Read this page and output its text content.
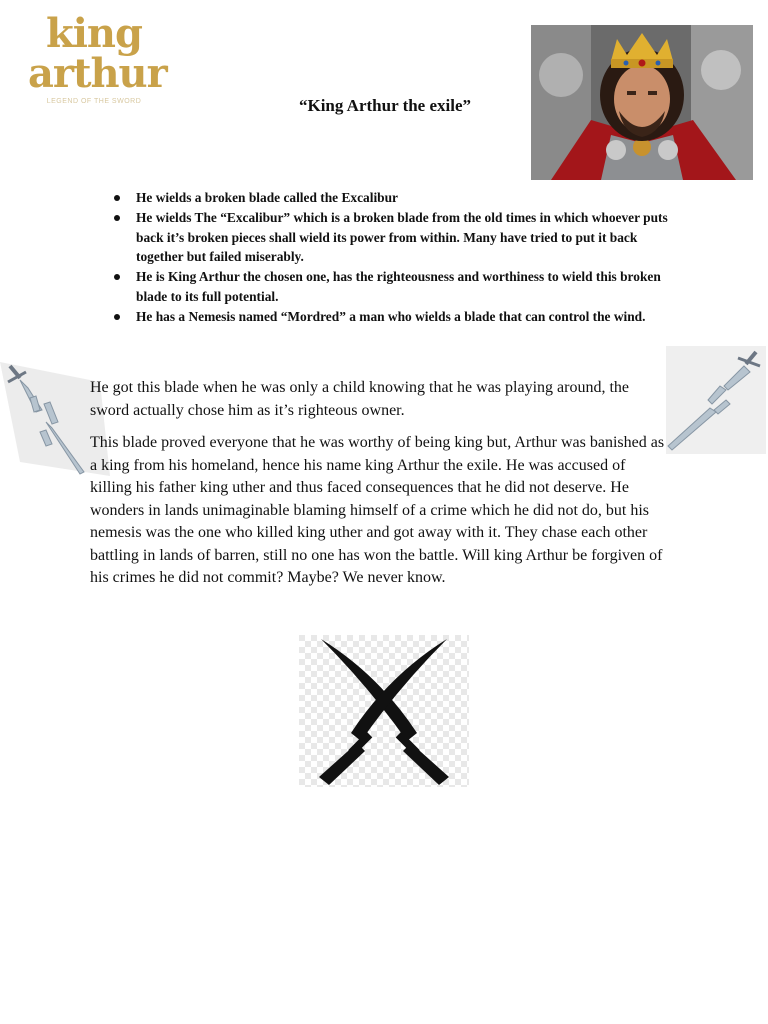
king
arthur
LEGEND OF THE SWORD	“King Arthur the exile”
He wields a broken blade called the Excalibur
He wields The “Excalibur” which is a broken blade from the old times in which whoever puts back it’s broken pieces shall wield its power from within. Many have tried to put it back together but failed miserably.
He is King Arthur the chosen one, has the righteousness and worthiness to wield this broken blade to its full potential.
He has a Nemesis named “Mordred” a man who wields a blade that can control the wind.

He got this blade when he was only a child knowing that he was playing around, the sword actually chose him as it’s righteous owner.

This blade proved everyone that he was worthy of being king but, Arthur was banished as a king from his homeland, hence his name king Arthur the exile. He was accused of killing his father king uther and thus faced consequences that he did not deserve. He wonders in lands unimaginable blaming himself of a crime which he did not do, but his nemesis was the one who killed king uther and got away with it. They chase each other battling in lands of barren, still no one has won the battle. Will king Arthur be forgiven of his crimes he did not commit? Maybe? We never know.
